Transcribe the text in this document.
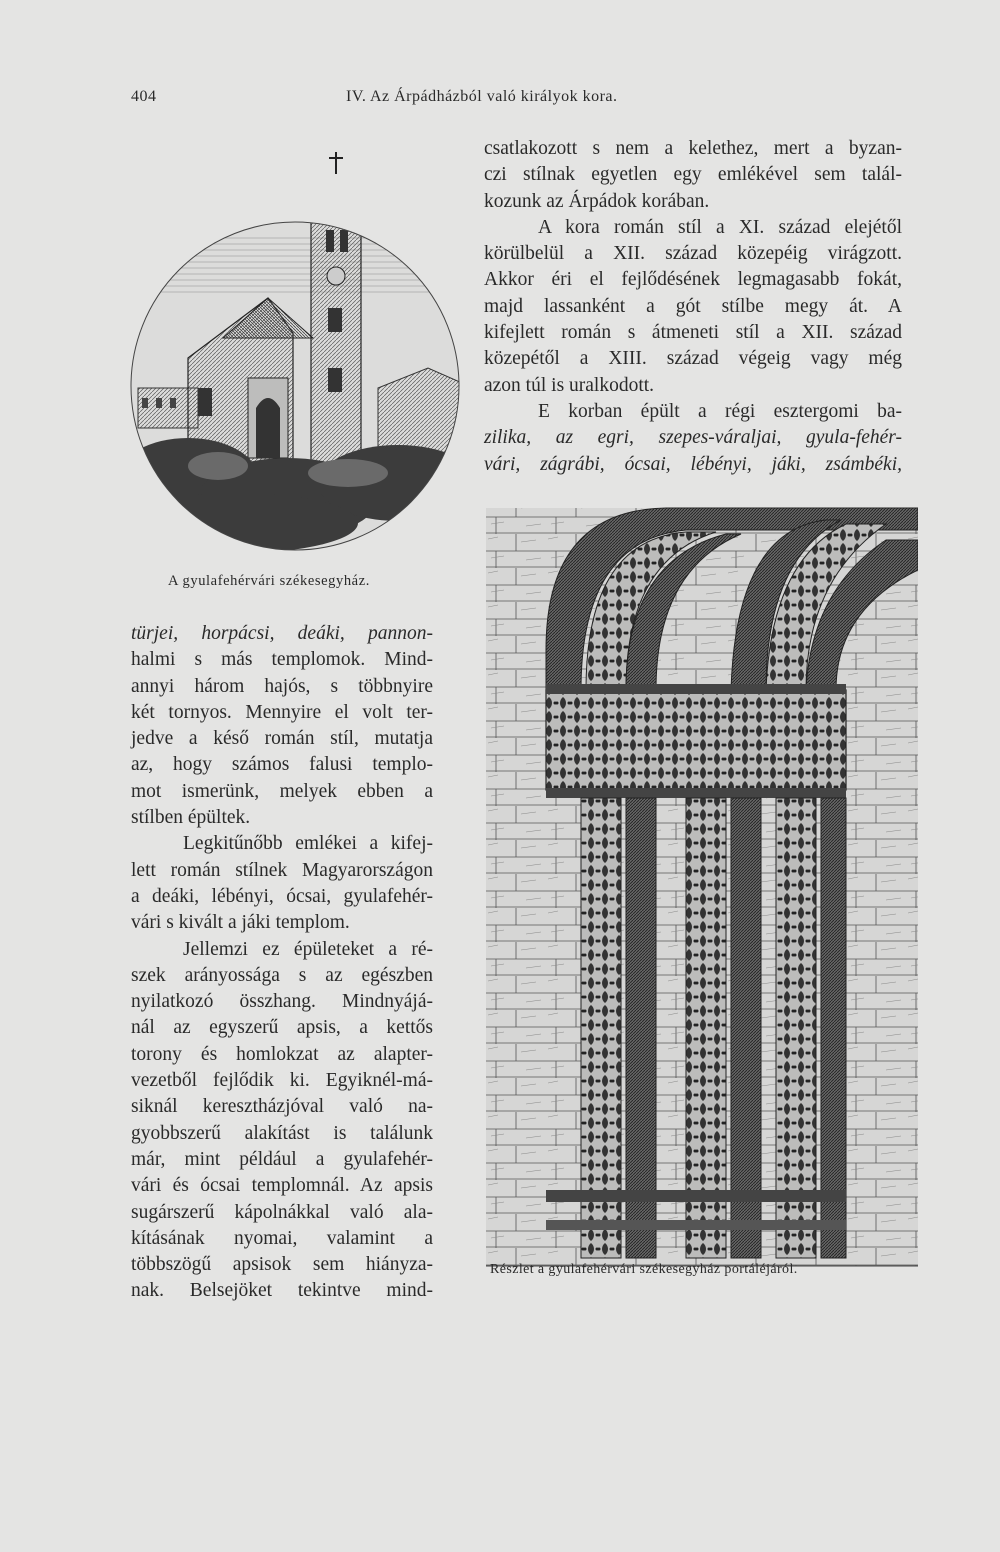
404	IV. Az Árpádházból való királyok kora.
A gyulafehérvári székesegyház.
csatlakozott s nem a kelethez, mert a byzan-
czi stílnak egyetlen egy emlékével sem talál-
kozunk az Árpádok korában.
A kora román stíl a XI. század elejétől
körülbelül a XII. század közepéig virágzott.
Akkor éri el fejlődésének legmagasabb fokát,
majd lassanként a gót stílbe megy át. A
kifejlett román s átmeneti stíl a XII. század
közepétől a XIII. század végeig vagy még
azon túl is uralkodott.
E korban épült a régi esztergomi ba-
zilika, az egri, szepes-váraljai, gyula-fehér-
vári, zágrábi, ócsai, lébényi, jáki, zsámbéki,
Részlet a gyulafehérvári székesegyház portáléjáról.
türjei, horpácsi, deáki, pannon-
halmi s más templomok. Mind-
annyi három hajós, s többnyire
két tornyos. Mennyire el volt ter-
jedve a késő román stíl, mutatja
az, hogy számos falusi templo-
mot ismerünk, melyek ebben a
stílben épültek.
Legkitűnőbb emlékei a kifej-
lett román stílnek Magyarországon
a deáki, lébényi, ócsai, gyulafehér-
vári s kivált a jáki templom.
Jellemzi ez épületeket a ré-
szek arányossága s az egészben
nyilatkozó összhang. Mindnyájá-
nál az egyszerű apsis, a kettős
torony és homlokzat az alapter-
vezetből fejlődik ki. Egyiknél-má-
siknál keresztházjóval való na-
gyobbszerű alakítást is találunk
már, mint például a gyulafehér-
vári és ócsai templomnál. Az apsis
sugárszerű kápolnákkal való ala-
kításának nyomai, valamint a
többszögű apsisok sem hiányza-
nak. Belsejöket tekintve mind-
